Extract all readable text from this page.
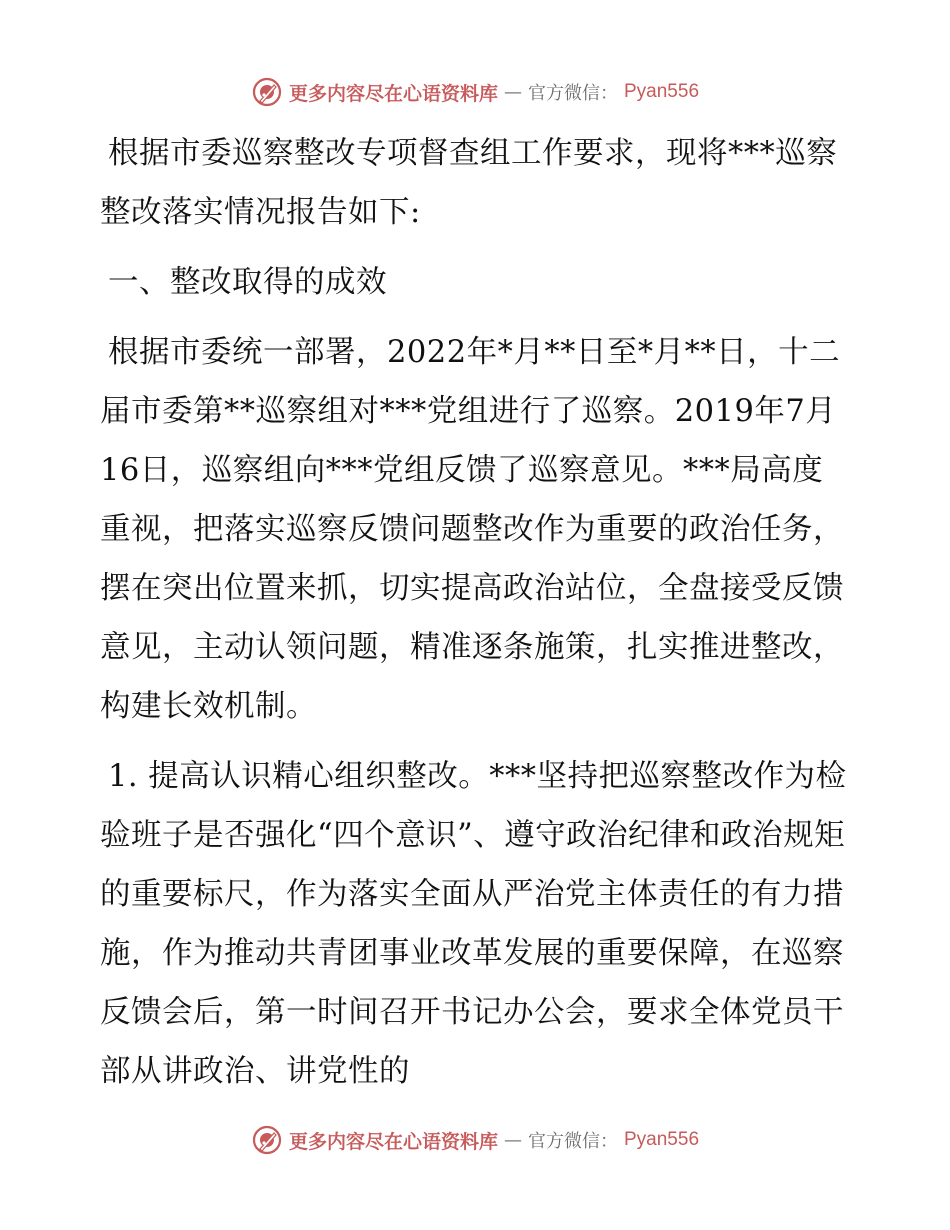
更多内容尽在心语资料库 — 官方微信： Pyan556

根据市委巡察整改专项督查组工作要求，现将***巡察整改落实情况报告如下:

一、整改取得的成效

根据市委统一部署，2022年*月**日至*月**日，十二届市委第**巡察组对***党组进行了巡察。2019年7月16日，巡察组向***党组反馈了巡察意见。***局高度重视，把落实巡察反馈问题整改作为重要的政治任务，摆在突出位置来抓，切实提高政治站位，全盘接受反馈意见，主动认领问题，精准逐条施策，扎实推进整改，构建长效机制。

1. 提高认识精心组织整改。***坚持把巡察整改作为检验班子是否强化“四个意识”、遵守政治纪律和政治规矩的重要标尺，作为落实全面从严治党主体责任的有力措施，作为推动共青团事业改革发展的重要保障，在巡察反馈会后，第一时间召开书记办公会，要求全体党员干部从讲政治、讲党性的

更多内容尽在心语资料库 — 官方微信： Pyan556
